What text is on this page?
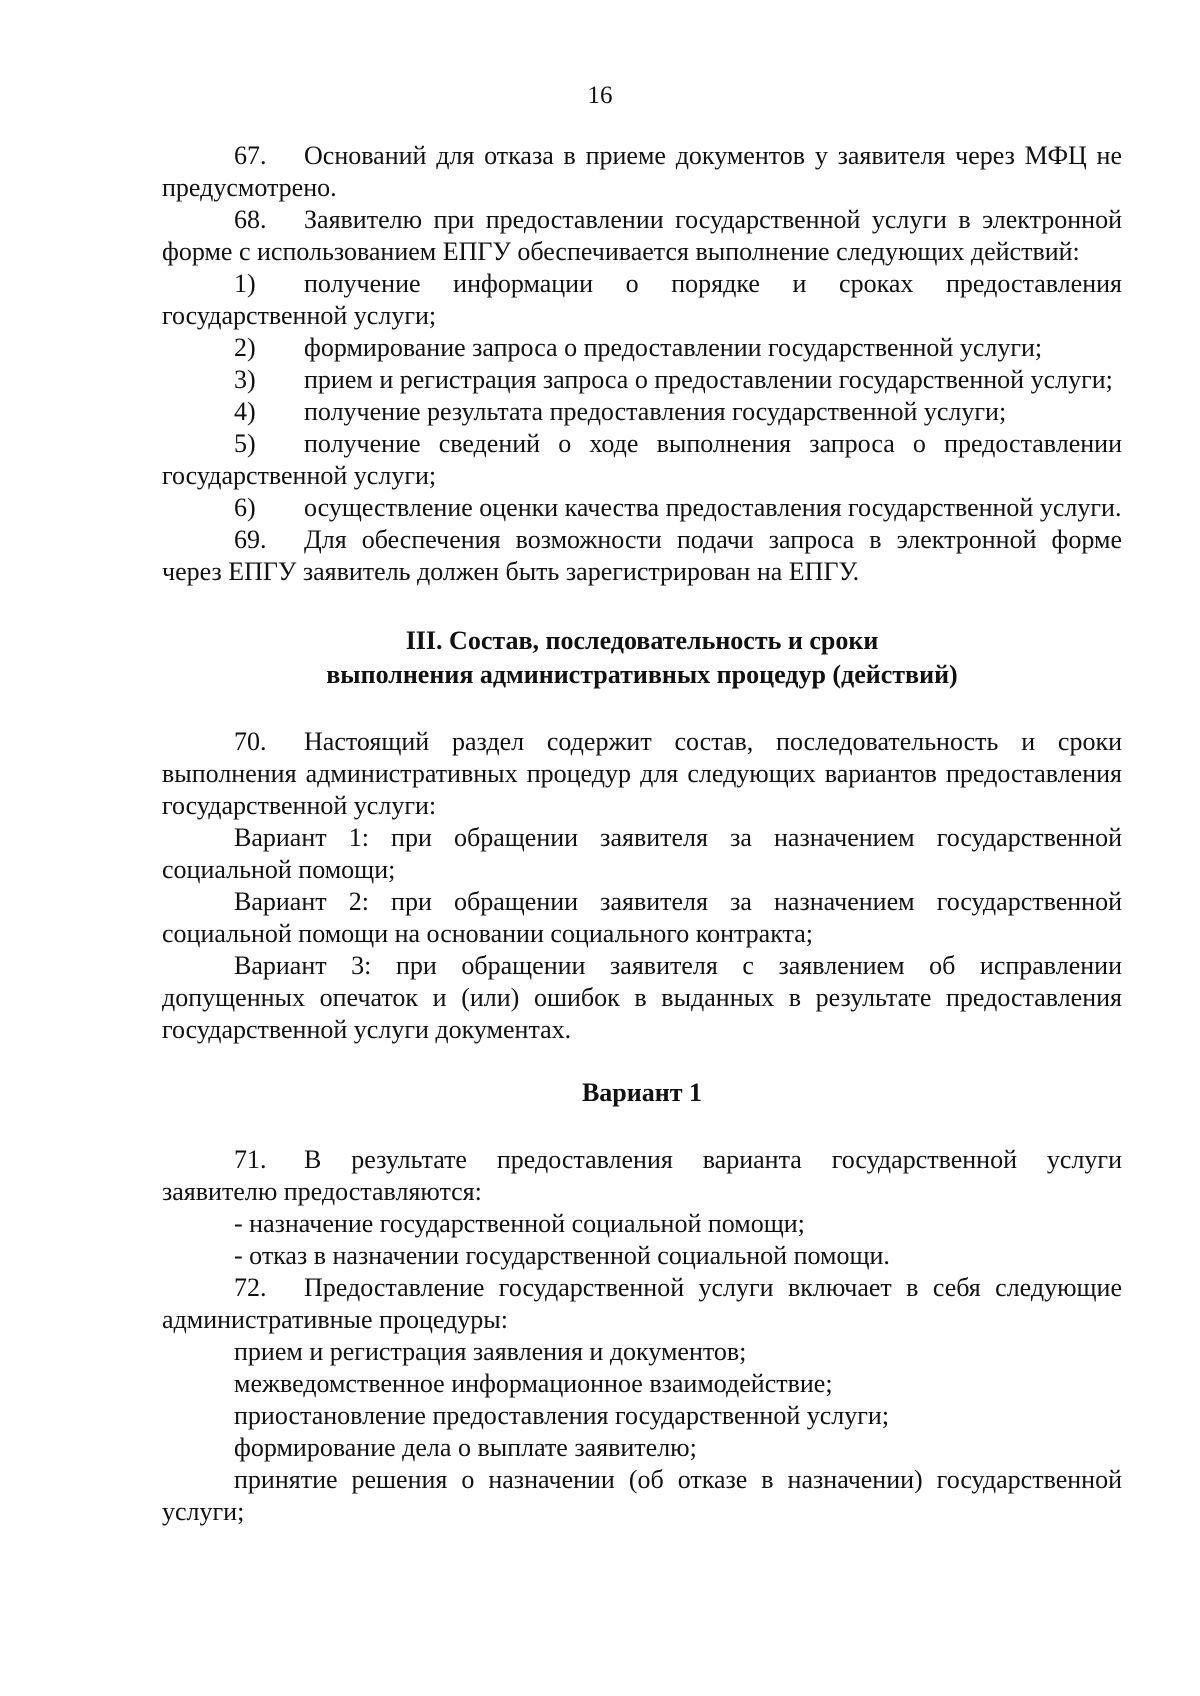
16

67. Оснований для отказа в приеме документов у заявителя через МФЦ не предусмотрено.

68. Заявителю при предоставлении государственной услуги в электронной форме с использованием ЕПГУ обеспечивается выполнение следующих действий:

1) получение информации о порядке и сроках предоставления государственной услуги;

2) формирование запроса о предоставлении государственной услуги;

3) прием и регистрация запроса о предоставлении государственной услуги;

4) получение результата предоставления государственной услуги;

5) получение сведений о ходе выполнения запроса о предоставлении государственной услуги;

6) осуществление оценки качества предоставления государственной услуги.

69. Для обеспечения возможности подачи запроса в электронной форме через ЕПГУ заявитель должен быть зарегистрирован на ЕПГУ.

III. Состав, последовательность и сроки

выполнения административных процедур (действий)

70. Настоящий раздел содержит состав, последовательность и сроки выполнения административных процедур для следующих вариантов предоставления государственной услуги:

Вариант 1: при обращении заявителя за назначением государственной социальной помощи;

Вариант 2: при обращении заявителя за назначением государственной социальной помощи на основании социального контракта;

Вариант 3: при обращении заявителя с заявлением об исправлении допущенных опечаток и (или) ошибок в выданных в результате предоставления государственной услуги документах.

Вариант 1

71. В результате предоставления варианта государственной услуги заявителю предоставляются:

- назначение государственной социальной помощи;

- отказ в назначении государственной социальной помощи.

72. Предоставление государственной услуги включает в себя следующие административные процедуры:

прием и регистрация заявления и документов;

межведомственное информационное взаимодействие;

приостановление предоставления государственной услуги;

формирование дела о выплате заявителю;

принятие решения о назначении (об отказе в назначении) государственной услуги;
